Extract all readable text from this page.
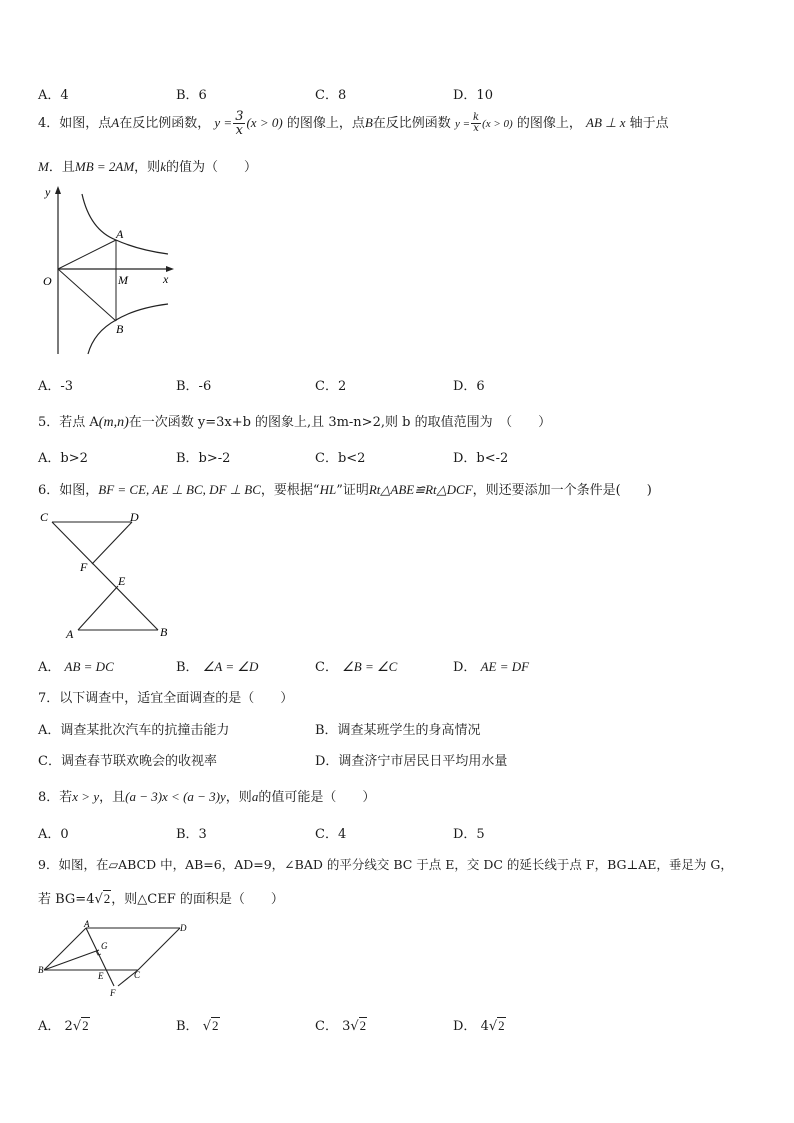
A．4	B．6	C．8	D．10
4．如图，点A在反比例函数， $y = \frac{3}{x} (x > 0)$ 的图像上，点B在反比例函数 $y = \frac{k}{x} (x > 0)$ 的图像上， AB ⊥ x 轴于点
M．且MB = 2AM，则k的值为（　　）
y
x
O
A
M
B
A．-3	B．-6	C．2	D．6
5．若点 A(m,n)在一次函数 y=3x+b 的图象上,且 3m-n>2,则 b 的取值范围为　（　　）
A．b>2	B．b>-2	C．b<2	D．b<-2
6．如图，BF = CE, AE ⊥ BC, DF ⊥ BC，要根据“HL”证明Rt△ABE≌Rt△DCF，则还要添加一个条件是(　　)
C	D
F
E
A	B
A． AB = DC	B． ∠A = ∠D	C． ∠B = ∠C	D． AE = DF
7．以下调查中，适宜全面调查的是（　　）
A．调查某批次汽车的抗撞击能力	B．调查某班学生的身高情况
C．调查春节联欢晚会的收视率	D．调查济宁市居民日平均用水量
8．若x > y，且(a − 3)x < (a − 3)y，则a的值可能是（　　）
A．0	B．3	C．4	D．5
9．如图，在▱ABCD 中，AB=6，AD=9，∠BAD 的平分线交 BC 于点 E，交 DC 的延长线于点 F，BG⊥AE，垂足为 G，
若 BG=4√2，则△CEF 的面积是（　　）
A	D
G
B
E	C
F
A． 2√2	B． √2	C． 3√2	D． 4√2
